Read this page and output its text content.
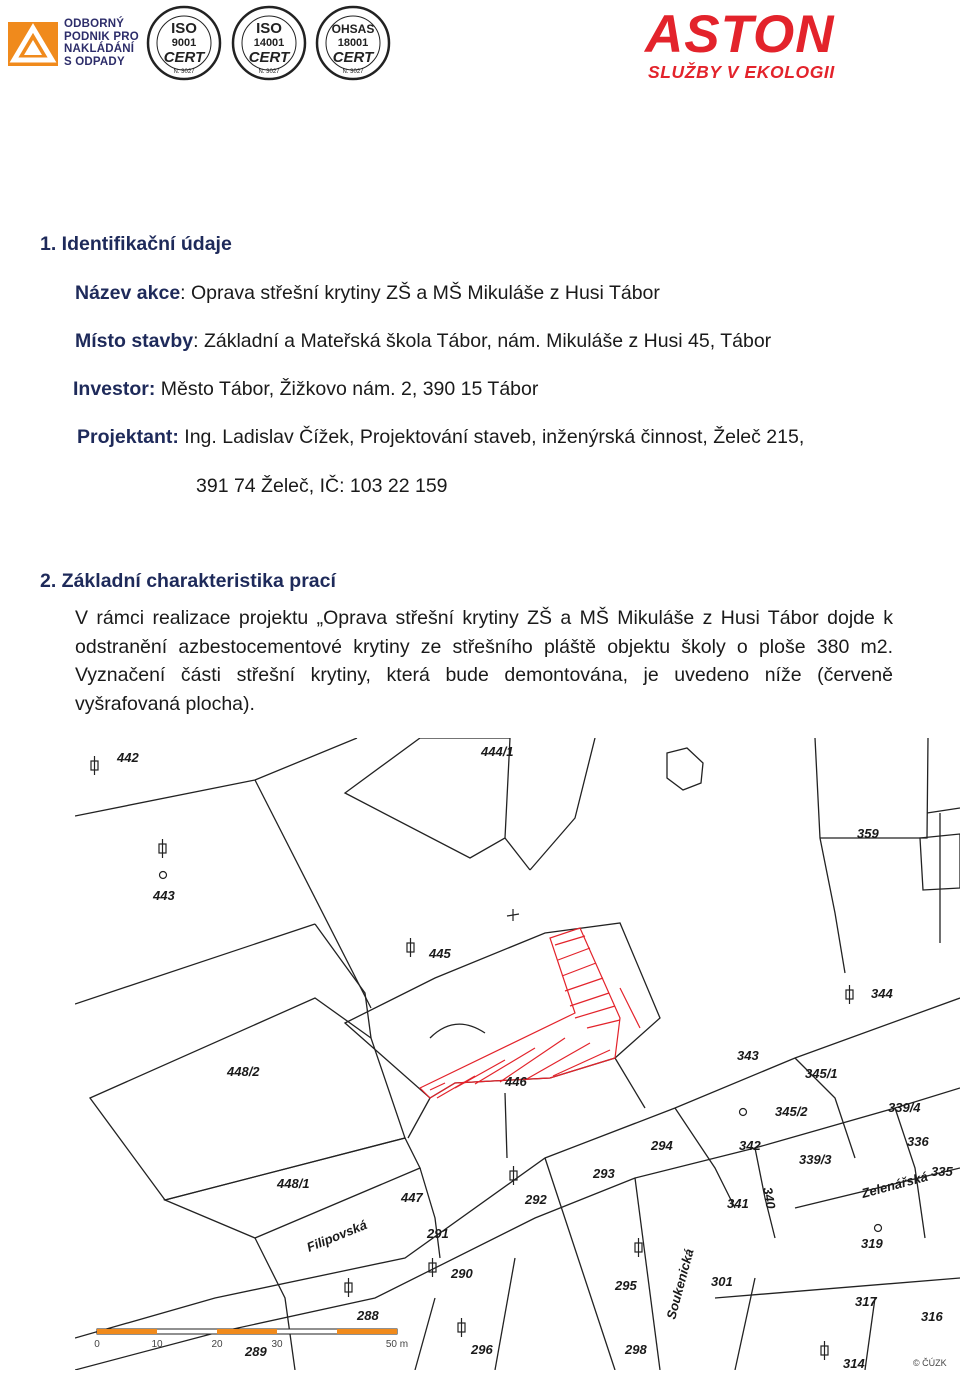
ODBORNÝ
PODNIK PRO
NAKLÁDÁNÍ
S ODPADY
ISO
9001
CERT
N. 3027
ISO
14001
CERT
N. 3027
OHSAS
18001
CERT
N. 3027
ASTON
SLUŽBY V EKOLOGII
1. Identifikační údaje
Název akce: Oprava střešní krytiny ZŠ a MŠ Mikuláše z Husi Tábor
Místo stavby: Základní a Mateřská škola Tábor, nám. Mikuláše z Husi 45, Tábor
Investor: Město Tábor, Žižkovo nám. 2, 390 15 Tábor
Projektant: Ing. Ladislav Čížek, Projektování staveb, inženýrská činnost, Želeč 215,
391 74 Želeč, IČ: 103 22 159
2. Základní charakteristika prací
V rámci realizace projektu „Oprava střešní krytiny ZŠ a MŠ Mikuláše z Husi Tábor dojde k odstranění azbestocementové krytiny ze střešního pláště objektu školy o ploše 380 m2. Vyznačení části střešní krytiny, která bude demontována, je uvedeno níže (červeně vyšrafovaná plocha).
442	444/1
359
443
445
344
448/2
446
343
345/1
345/2	339/4
294	342	336
339/3
335
448/1
447
293
292	341 340	Zelenářská
291
Filipovská	319
290
295	301
Soukenická	317
288	316
289	296	298
314
0	10	20	30	50 m
© ČÚZK
